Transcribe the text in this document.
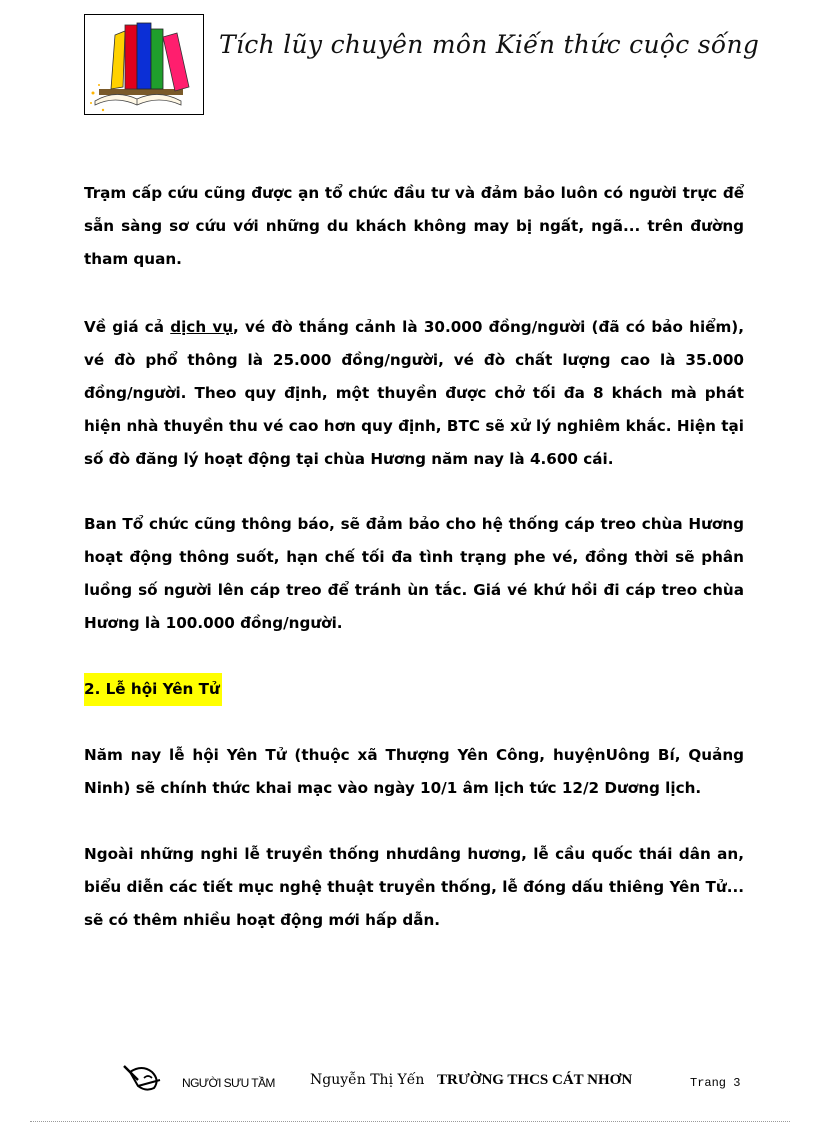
Tích lũy chuyên môn Kiến thức cuộc sống
Trạm cấp cứu cũng được ạn tổ chức đầu tư và đảm bảo luôn có người trực để sẵn sàng sơ cứu với những du khách không may bị ngất, ngã... trên đường tham quan.
Về giá cả dịch vụ, vé đò thắng cảnh là 30.000 đồng/người (đã có bảo hiểm), vé đò phổ thông là 25.000 đồng/người, vé đò chất lượng cao là 35.000 đồng/người. Theo quy định, một thuyền được chở tối đa 8 khách mà phát hiện nhà thuyền thu vé cao hơn quy định, BTC sẽ xử lý nghiêm khắc. Hiện tại số đò đăng lý hoạt động tại chùa Hương năm nay là 4.600 cái.
Ban Tổ chức cũng thông báo, sẽ đảm bảo cho hệ thống cáp treo chùa Hương hoạt động thông suốt, hạn chế tối đa tình trạng phe vé, đồng thời sẽ phân luồng số người lên cáp treo để tránh ùn tắc. Giá vé khứ hồi đi cáp treo chùa Hương là 100.000 đồng/người.
2. Lễ hội Yên Tử
Năm nay lễ hội Yên Tử (thuộc xã Thượng Yên Công, huyệnUông Bí, Quảng Ninh) sẽ chính thức khai mạc vào ngày 10/1 âm lịch tức 12/2 Dương lịch.
Ngoài những nghi lễ truyền thống nhưdâng hương, lễ cầu quốc thái dân an, biểu diễn các tiết mục nghệ thuật truyền thống, lễ đóng dấu thiêng Yên Tử... sẽ có thêm nhiều hoạt động mới hấp dẫn.
NGƯỜI SƯU TẦM	Nguyễn Thị Yến TRƯỜNG THCS CÁT NHƠN	Trang 3
